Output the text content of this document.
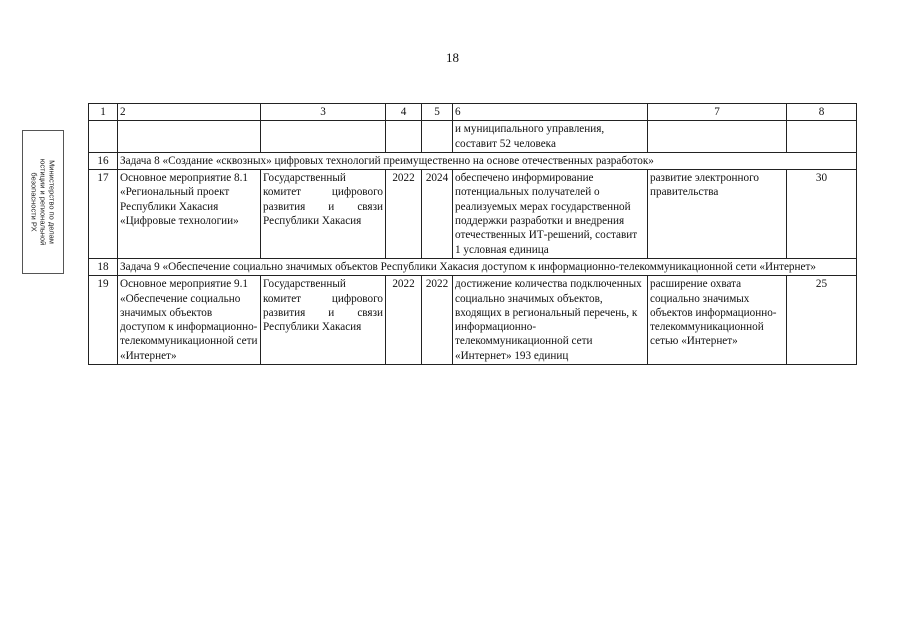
18
Министерство по делам
юстиции и региональной
безопасности РХ
1	2	3	4	5	6	7	8
					и муниципального управления, составит 52 человека		
16	Задача 8 «Создание «сквозных» цифровых технологий преимущественно на основе отечественных разработок»						
17	Основное мероприятие 8.1 «Региональный проект Республики Хакасия «Цифровые технологии»	Государственный комитет цифрового развития и связи Республики Хакасия	2022	2024	обеспечено информирование потенциальных получателей о реализуемых мерах государственной поддержки разработки и внедрения отечественных ИТ-решений, составит 1 условная единица	развитие электронного правительства	30
18	Задача 9 «Обеспечение социально значимых объектов Республики Хакасия доступом к информационно-телекоммуникационной сети «Интернет»						
19	Основное мероприятие 9.1 «Обеспечение социально значимых объектов доступом к информационно-телекоммуникационной сети «Интернет»	Государственный комитет цифрового развития и связи Республики Хакасия	2022	2022	достижение количества подключенных социально значимых объектов, входящих в региональный перечень, к информационно-телекоммуникационной сети «Интернет» 193 единиц	расширение охвата социально значимых объектов информационно-телекоммуникационной сетью «Интернет»	25
